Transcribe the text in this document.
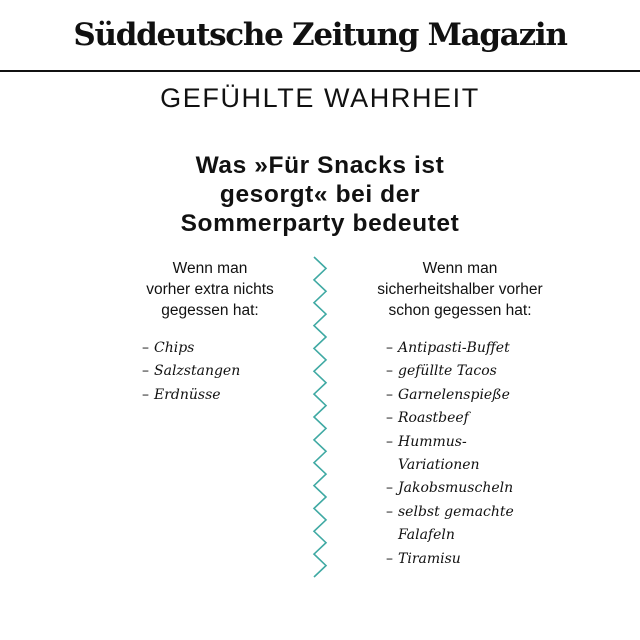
Süddeutsche Zeitung Magazin
GEFÜHLTE WAHRHEIT
Was »Für Snacks ist
gesorgt« bei der
Sommerparty bedeutet
Wenn man
vorher extra nichts
gegessen hat:
Wenn man
sicherheitshalber vorher
schon gegessen hat:
– Chips
– Salzstangen
– Erdnüsse
– Antipasti-Buffet
– gefüllte Tacos
– Garnelenspieße
– Roastbeef
– Hummus-
Variationen
– Jakobsmuscheln
– selbst gemachte
Falafeln
– Tiramisu
